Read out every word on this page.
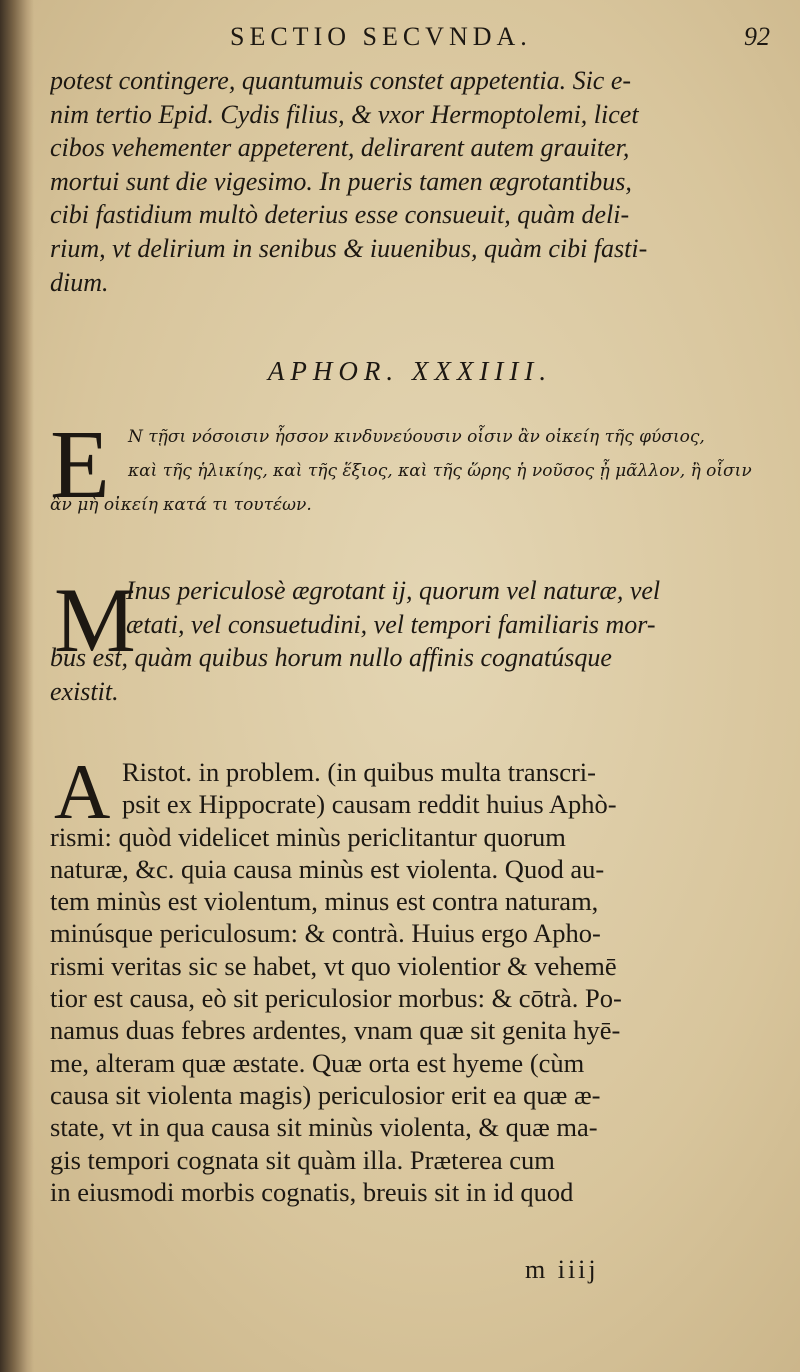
SECTIO SECVNDA.	92
potest contingere, quantumuis constet appetentia. Sic e-
nim tertio Epid. Cydis filius, & vxor Hermoptolemi, licet
cibos vehementer appeterent, delirarent autem grauiter,
mortui sunt die vigesimo. In pueris tamen ægrotantibus,
cibi fastidium multò deterius esse consueuit, quàm deli-
rium, vt delirium in senibus & iuuenibus, quàm cibi fasti-
dium.
APHOR. XXXIIII.
E	Ν τῇσι νόσοισιν ἧσσον κινδυνεύουσιν οἷσιν ἂν οἰκείη τῆς φύσιος,
καὶ τῆς ἡλικίης, καὶ τῆς ἕξιος, καὶ τῆς ὥρης ἡ νοῦσος ᾖ μᾶλλον, ἢ οἷσιν
ἂν μὴ οἰκείη κατά τι τουτέων.
M
Inus periculosè ægrotant ij, quorum vel naturæ, vel
ætati, vel consuetudini, vel tempori familiaris mor-
bus est, quàm quibus horum nullo affinis cognatúsque
existit.
A Ristot. in problem. (in quibus multa transcri-
psit ex Hippocrate) causam reddit huius Aphò-
rismi: quòd videlicet minùs periclitantur quorum
naturæ, &c. quia causa minùs est violenta. Quod au-
tem minùs est violentum, minus est contra naturam,
minúsque periculosum: & contrà. Huius ergo Apho-
rismi veritas sic se habet, vt quo violentior & vehemē
tior est causa, eò sit periculosior morbus: & cōtrà. Po-
namus duas febres ardentes, vnam quæ sit genita hyē-
me, alteram quæ æstate. Quæ orta est hyeme (cùm
causa sit violenta magis) periculosior erit ea quæ æ-
state, vt in qua causa sit minùs violenta, & quæ ma-
gis tempori cognata sit quàm illa. Præterea cum
in eiusmodi morbis cognatis, breuis sit in id quod
m iiij
